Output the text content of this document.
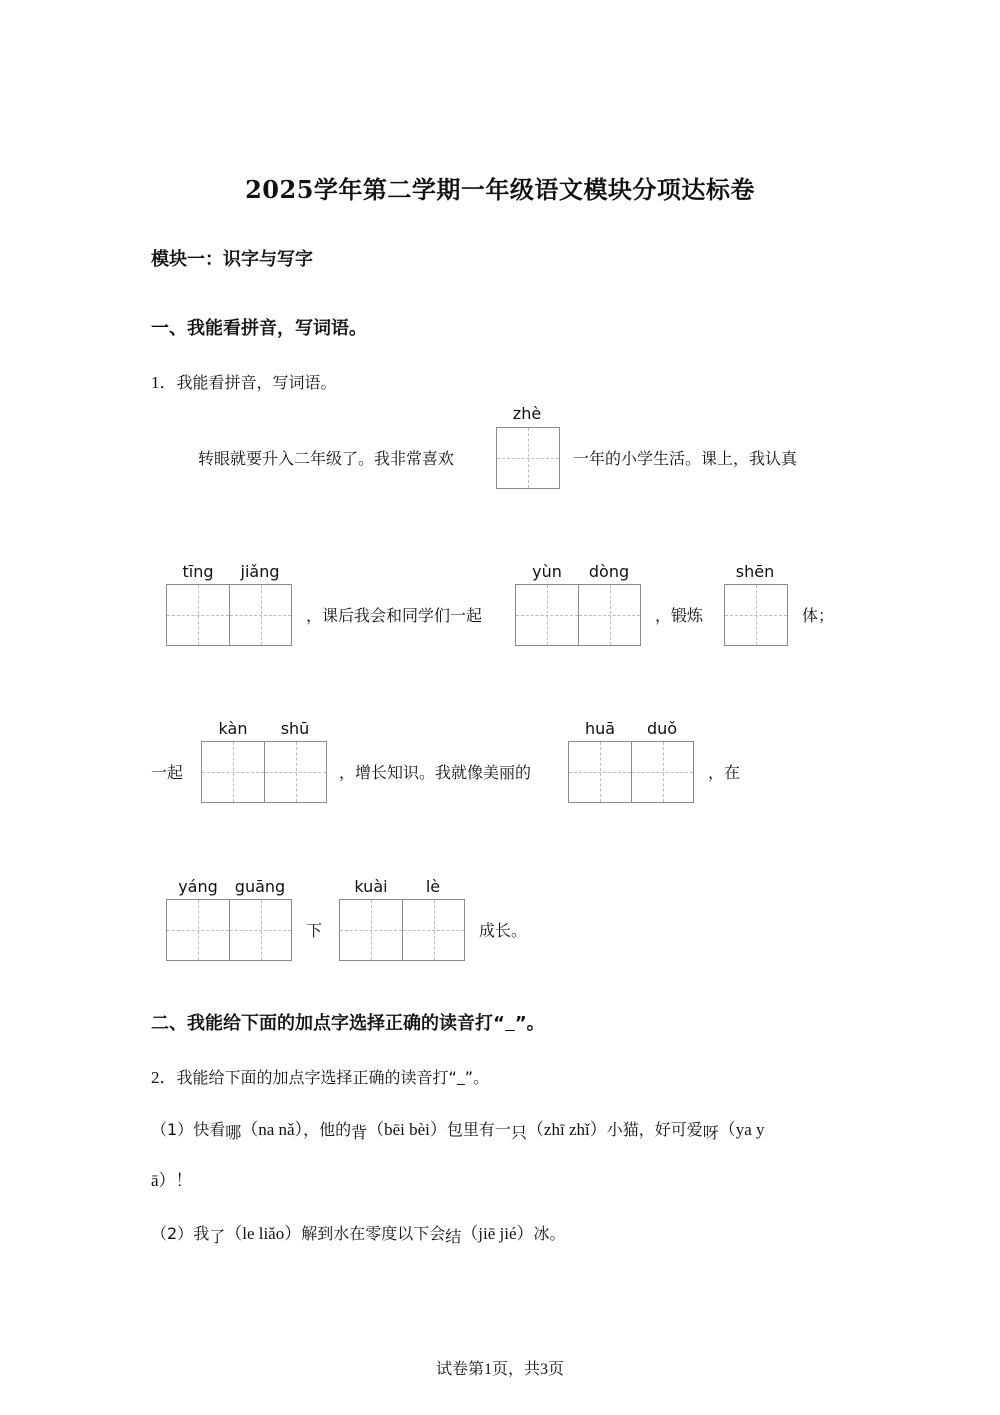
2025学年第二学期一年级语文模块分项达标卷
模块一：识字与写字
一、我能看拼音，写词语。
1．我能看拼音，写词语。
转眼就要升入二年级了。我非常喜欢
zhè
一年的小学生活。课上，我认真
tīng	jiǎng
，课后我会和同学们一起
yùn	dòng
，锻炼
shēn
体；
一起
kàn	shū
，增长知识。我就像美丽的
huā	duǒ
，在
yáng	guāng
下
kuài	lè
成长。
二、我能给下面的加点字选择正确的读音打“ ”。
2．我能给下面的加点字选择正确的读音打“ ”。
（1）快看哪（na nǎ），他的背（bēi bèi）包里有一只（zhī zhǐ）小猫，好可爱呀（ya y
ā）！
（2）我了（le liǎo）解到水在零度以下会结（jiē jié）冰。
试卷第1页，共3页
